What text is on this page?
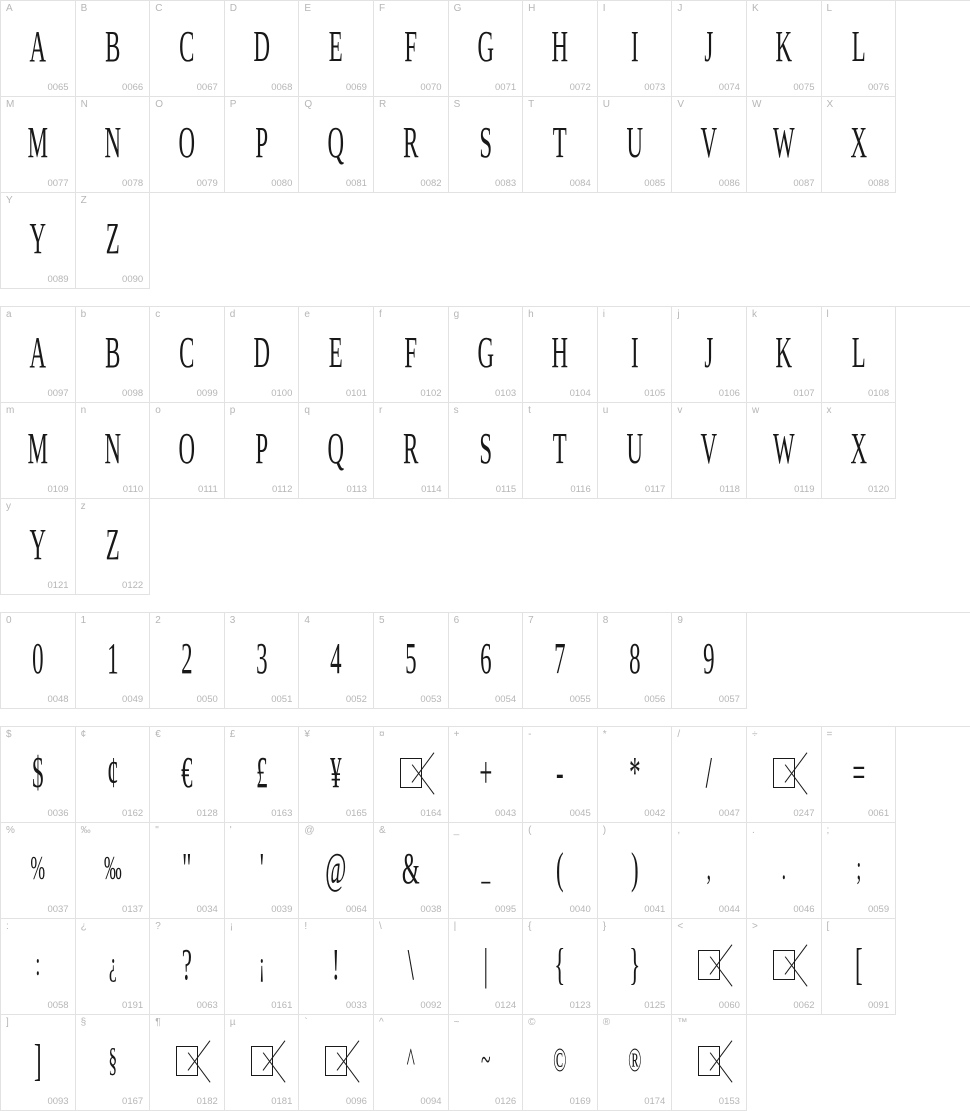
A
A
0065
B
B
0066
C
C
0067
D
D
0068
E
E
0069
F
F
0070
G
G
0071
H
H
0072
I
I
0073
J
J
0074
K
K
0075
L
L
0076
M
M
0077
N
N
0078
O
O
0079
P
P
0080
Q
Q
0081
R
R
0082
S
S
0083
T
T
0084
U
U
0085
V
V
0086
W
W
0087
X
X
0088
Y
Y
0089
Z
Z
0090
a
A
0097
b
B
0098
c
C
0099
d
D
0100
e
E
0101
f
F
0102
g
G
0103
h
H
0104
i
I
0105
j
J
0106
k
K
0107
l
L
0108
m
M
0109
n
N
0110
o
O
0111
p
P
0112
q
Q
0113
r
R
0114
s
S
0115
t
T
0116
u
U
0117
v
V
0118
w
W
0119
x
X
0120
y
Y
0121
z
Z
0122
0
0
0048
1
1
0049
2
2
0050
3
3
0051
4
4
0052
5
5
0053
6
6
0054
7
7
0055
8
8
0056
9
9
0057
$
$
0036
¢
¢
0162
€
€
0128
£
£
0163
¥
¥
0165
¤
0164
+
+
0043
-
-
0045
*
*
0042
/
/
0047
÷
0247
=
=
0061
%
%
0037
‰
‰
0137
"
"
0034
'
'
0039
@
@
0064
&
&
0038
_
_
0095
(
(
0040
)
)
0041
,
,
0044
.
.
0046
;
;
0059
:
:
0058
¿
¿
0191
?
?
0063
¡
¡
0161
!
!
0033
\
\
0092
|
|
0124
{
{
0123
}
}
0125
<
0060
>
0062
[
[
0091
]
]
0093
§
§
0167
¶
0182
µ
0181
`
0096
^
^
0094
~
~
0126
©
©
0169
®
®
0174
™
0153
